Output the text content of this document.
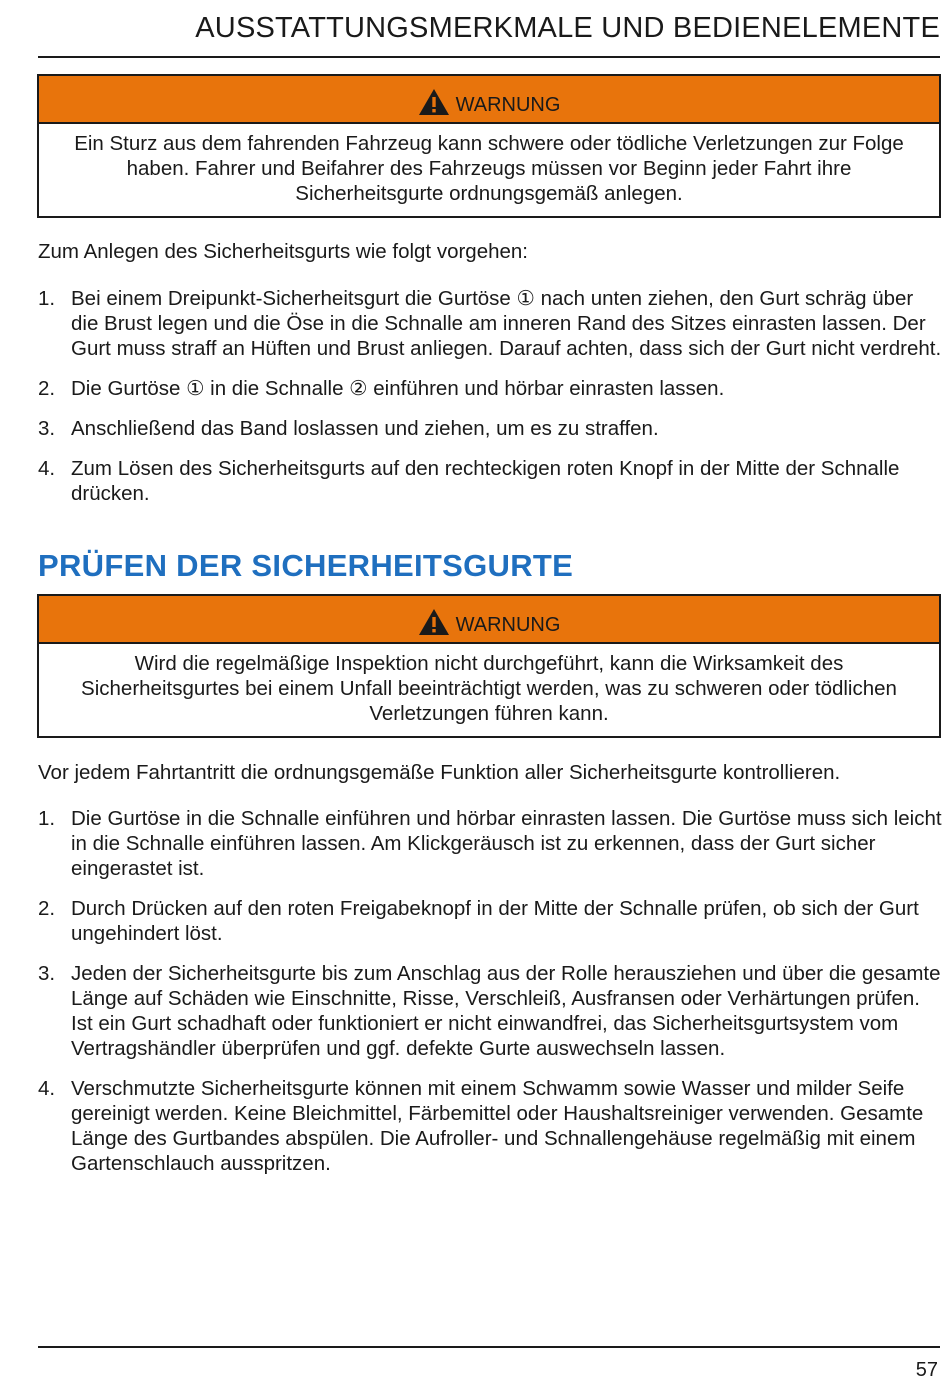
AUSSTATTUNGSMERKMALE UND BEDIENELEMENTE
WARNUNG
Ein Sturz aus dem fahrenden Fahrzeug kann schwere oder tödliche Verletzungen zur Folge haben. Fahrer und Beifahrer des Fahrzeugs müssen vor Beginn jeder Fahrt ihre Sicherheitsgurte ordnungsgemäß anlegen.
Zum Anlegen des Sicherheitsgurts wie folgt vorgehen:
1. Bei einem Dreipunkt-Sicherheitsgurt die Gurtöse ① nach unten ziehen, den Gurt schräg über die Brust legen und die Öse in die Schnalle am inneren Rand des Sitzes einrasten lassen. Der Gurt muss straff an Hüften und Brust anliegen. Darauf achten, dass sich der Gurt nicht verdreht.
2. Die Gurtöse ① in die Schnalle ② einführen und hörbar einrasten lassen.
3. Anschließend das Band loslassen und ziehen, um es zu straffen.
4. Zum Lösen des Sicherheitsgurts auf den rechteckigen roten Knopf in der Mitte der Schnalle drücken.
PRÜFEN DER SICHERHEITSGURTE
WARNUNG
Wird die regelmäßige Inspektion nicht durchgeführt, kann die Wirksamkeit des Sicherheitsgurtes bei einem Unfall beeinträchtigt werden, was zu schweren oder tödlichen Verletzungen führen kann.
Vor jedem Fahrtantritt die ordnungsgemäße Funktion aller Sicherheitsgurte kontrollieren.
1. Die Gurtöse in die Schnalle einführen und hörbar einrasten lassen. Die Gurtöse muss sich leicht in die Schnalle einführen lassen. Am Klickgeräusch ist zu erkennen, dass der Gurt sicher eingerastet ist.
2. Durch Drücken auf den roten Freigabeknopf in der Mitte der Schnalle prüfen, ob sich der Gurt ungehindert löst.
3. Jeden der Sicherheitsgurte bis zum Anschlag aus der Rolle herausziehen und über die gesamte Länge auf Schäden wie Einschnitte, Risse, Verschleiß, Ausfransen oder Verhärtungen prüfen. Ist ein Gurt schadhaft oder funktioniert er nicht einwandfrei, das Sicherheitsgurtsystem vom Vertragshändler überprüfen und ggf. defekte Gurte auswechseln lassen.
4. Verschmutzte Sicherheitsgurte können mit einem Schwamm sowie Wasser und milder Seife gereinigt werden. Keine Bleichmittel, Färbemittel oder Haushaltsreiniger verwenden. Gesamte Länge des Gurtbandes abspülen. Die Aufroller- und Schnallengehäuse regelmäßig mit einem Gartenschlauch ausspritzen.
57
